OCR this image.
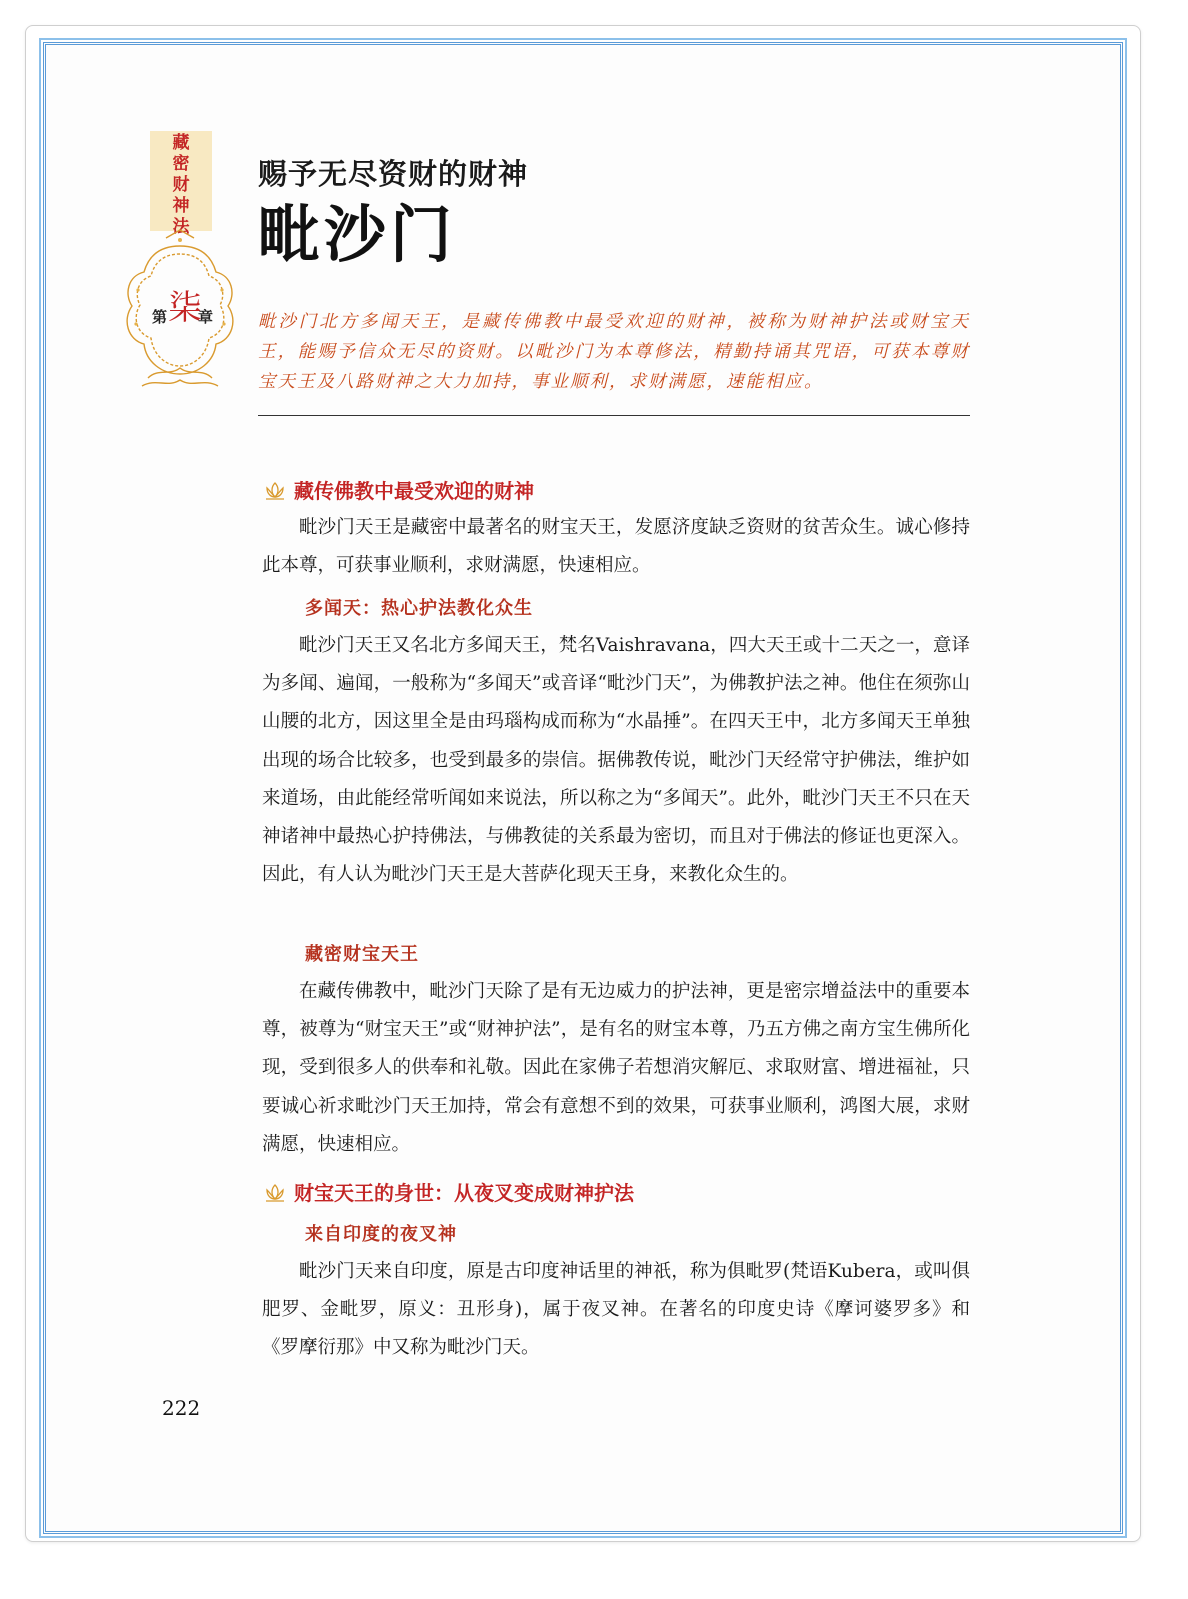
藏密财神法
第 柒
章
赐予无尽资财的财神
毗沙门
毗沙门北方多闻天王，是藏传佛教中最受欢迎的财神，被称为财神护法或财宝天王，能赐予信众无尽的资财。以毗沙门为本尊修法，精勤持诵其咒语，可获本尊财宝天王及八路财神之大力加持，事业顺利，求财满愿，速能相应。
藏传佛教中最受欢迎的财神
毗沙门天王是藏密中最著名的财宝天王，发愿济度缺乏资财的贫苦众生。诚心修持此本尊，可获事业顺利，求财满愿，快速相应。
多闻天：热心护法教化众生
毗沙门天王又名北方多闻天王，梵名Vaishravana，四大天王或十二天之一，意译为多闻、遍闻，一般称为“多闻天”或音译“毗沙门天”，为佛教护法之神。他住在须弥山山腰的北方，因这里全是由玛瑙构成而称为“水晶捶”。在四天王中，北方多闻天王单独出现的场合比较多，也受到最多的崇信。据佛教传说，毗沙门天经常守护佛法，维护如来道场，由此能经常听闻如来说法，所以称之为“多闻天”。此外，毗沙门天王不只在天神诸神中最热心护持佛法，与佛教徒的关系最为密切，而且对于佛法的修证也更深入。因此，有人认为毗沙门天王是大菩萨化现天王身，来教化众生的。
藏密财宝天王
在藏传佛教中，毗沙门天除了是有无边威力的护法神，更是密宗增益法中的重要本尊，被尊为“财宝天王”或“财神护法”，是有名的财宝本尊，乃五方佛之南方宝生佛所化现，受到很多人的供奉和礼敬。因此在家佛子若想消灾解厄、求取财富、增进福祉，只要诚心祈求毗沙门天王加持，常会有意想不到的效果，可获事业顺利，鸿图大展，求财满愿，快速相应。
财宝天王的身世：从夜叉变成财神护法
来自印度的夜叉神
毗沙门天来自印度，原是古印度神话里的神祇，称为俱毗罗(梵语Kubera，或叫俱肥罗、金毗罗，原义：丑形身)，属于夜叉神。在著名的印度史诗《摩诃婆罗多》和《罗摩衍那》中又称为毗沙门天。
222
